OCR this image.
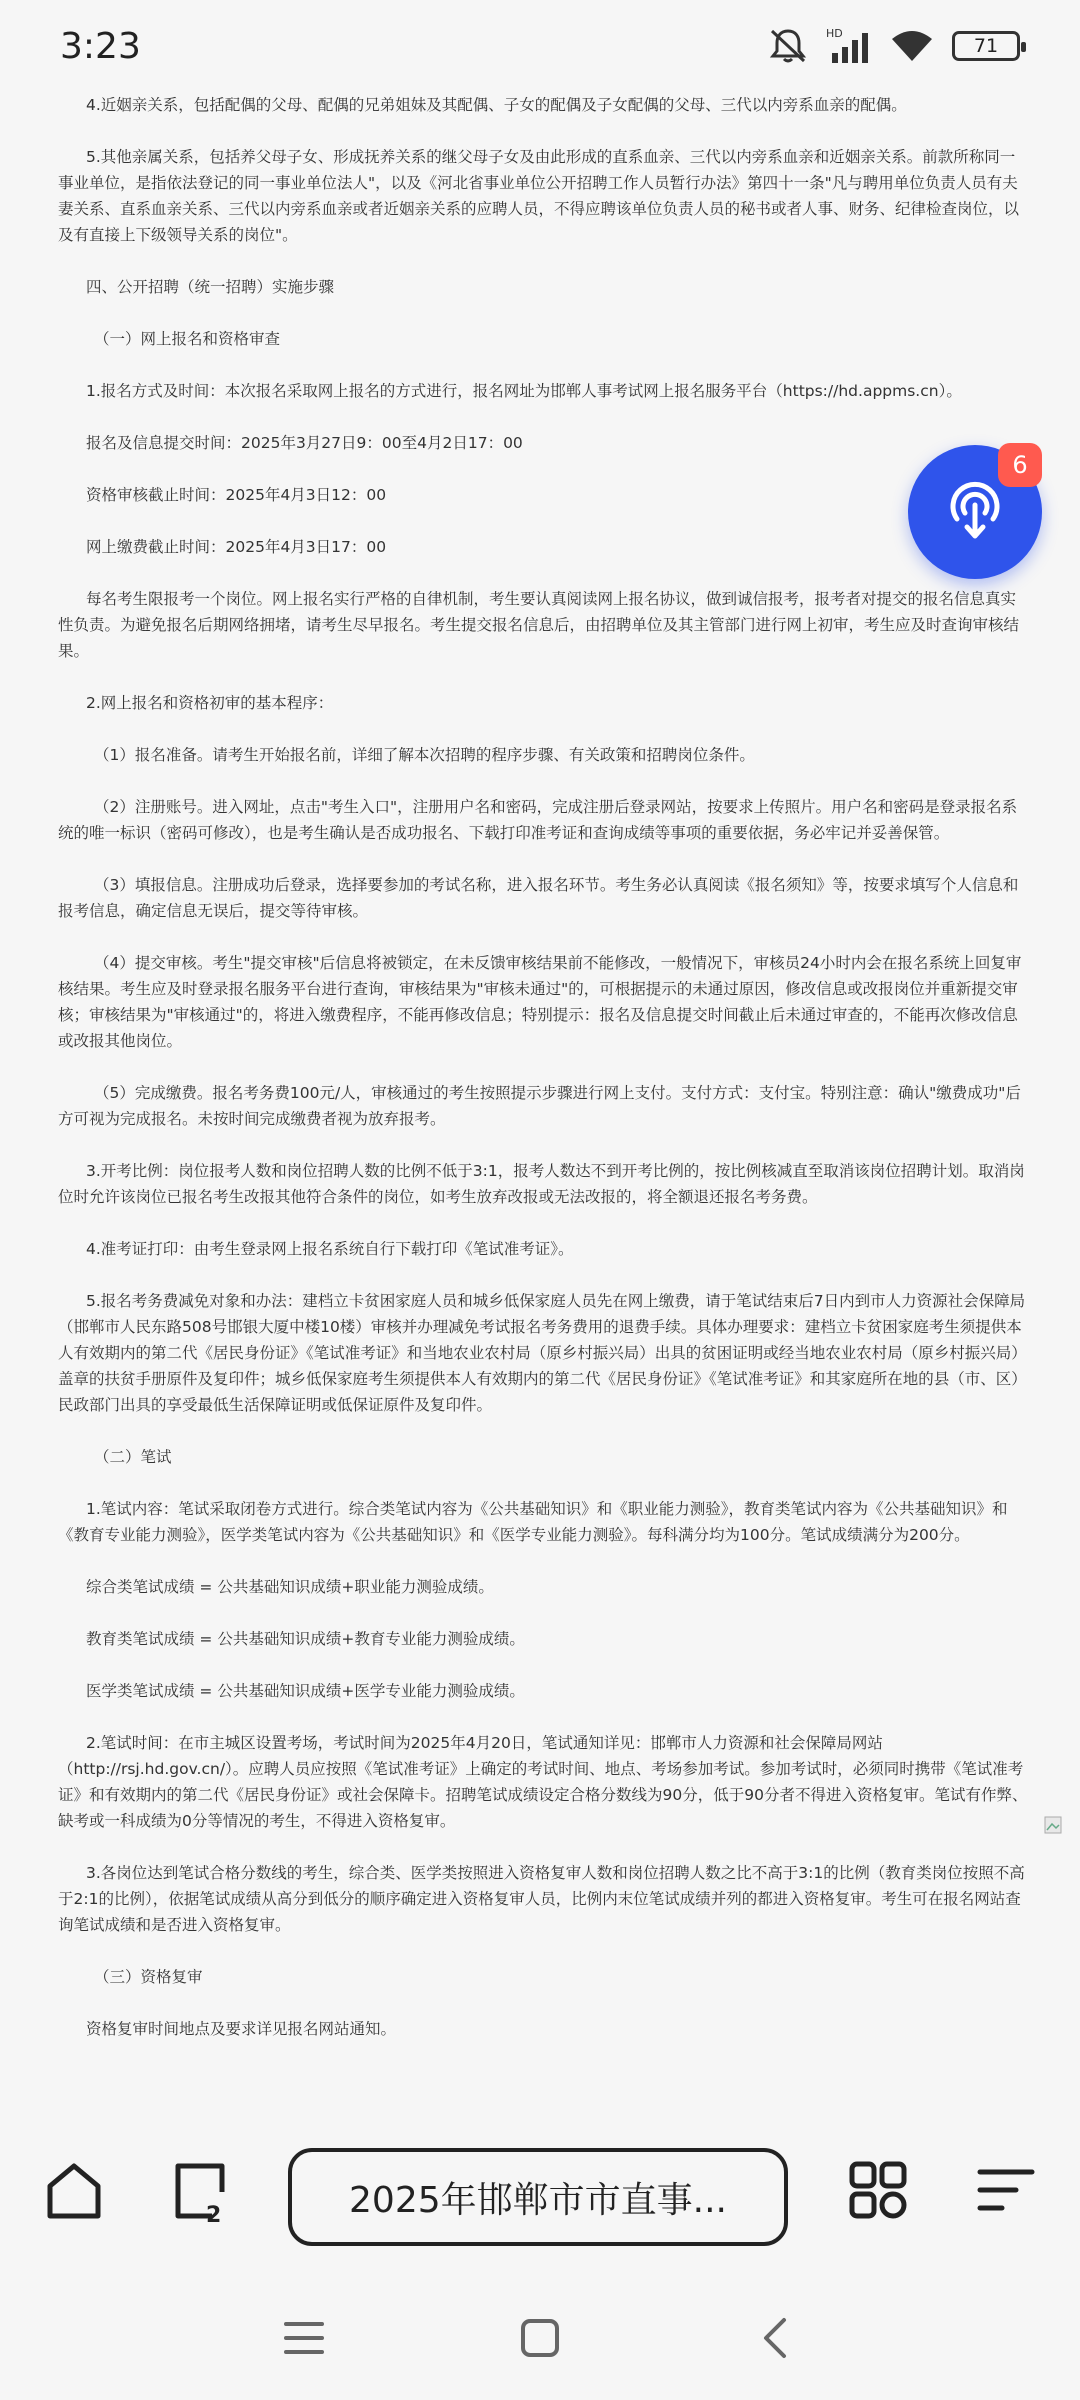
3:23	HD
71

4.近姻亲关系，包括配偶的父母、配偶的兄弟姐妹及其配偶、子女的配偶及子女配偶的父母、三代以内旁系血亲的配偶。

5.其他亲属关系，包括养父母子女、形成抚养关系的继父母子女及由此形成的直系血亲、三代以内旁系血亲和近姻亲关系。前款所称同一事业单位，是指依法登记的同一事业单位法人"，以及《河北省事业单位公开招聘工作人员暂行办法》第四十一条"凡与聘用单位负责人员有夫妻关系、直系血亲关系、三代以内旁系血亲或者近姻亲关系的应聘人员，不得应聘该单位负责人员的秘书或者人事、财务、纪律检查岗位，以及有直接上下级领导关系的岗位"。

四、公开招聘（统一招聘）实施步骤

（一）网上报名和资格审查

1.报名方式及时间：本次报名采取网上报名的方式进行，报名网址为邯郸人事考试网上报名服务平台（https://hd.appms.cn）。

报名及信息提交时间：2025年3月27日9：00至4月2日17：00

资格审核截止时间：2025年4月3日12：00

网上缴费截止时间：2025年4月3日17：00

每名考生限报考一个岗位。网上报名实行严格的自律机制，考生要认真阅读网上报名协议，做到诚信报考，报考者对提交的报名信息真实性负责。为避免报名后期网络拥堵，请考生尽早报名。考生提交报名信息后，由招聘单位及其主管部门进行网上初审，考生应及时查询审核结果。

2.网上报名和资格初审的基本程序：

（1）报名准备。请考生开始报名前，详细了解本次招聘的程序步骤、有关政策和招聘岗位条件。

（2）注册账号。进入网址，点击"考生入口"，注册用户名和密码，完成注册后登录网站，按要求上传照片。用户名和密码是登录报名系统的唯一标识（密码可修改），也是考生确认是否成功报名、下载打印准考证和查询成绩等事项的重要依据，务必牢记并妥善保管。

（3）填报信息。注册成功后登录，选择要参加的考试名称，进入报名环节。考生务必认真阅读《报名须知》等，按要求填写个人信息和报考信息，确定信息无误后，提交等待审核。

（4）提交审核。考生"提交审核"后信息将被锁定，在未反馈审核结果前不能修改，一般情况下，审核员24小时内会在报名系统上回复审核结果。考生应及时登录报名服务平台进行查询，审核结果为"审核未通过"的，可根据提示的未通过原因，修改信息或改报岗位并重新提交审核；审核结果为"审核通过"的，将进入缴费程序，不能再修改信息；特别提示：报名及信息提交时间截止后未通过审查的，不能再次修改信息或改报其他岗位。

（5）完成缴费。报名考务费100元/人，审核通过的考生按照提示步骤进行网上支付。支付方式：支付宝。特别注意：确认"缴费成功"后方可视为完成报名。未按时间完成缴费者视为放弃报考。

3.开考比例：岗位报考人数和岗位招聘人数的比例不低于3:1，报考人数达不到开考比例的，按比例核减直至取消该岗位招聘计划。取消岗位时允许该岗位已报名考生改报其他符合条件的岗位，如考生放弃改报或无法改报的，将全额退还报名考务费。

4.准考证打印：由考生登录网上报名系统自行下载打印《笔试准考证》。

5.报名考务费减免对象和办法：建档立卡贫困家庭人员和城乡低保家庭人员先在网上缴费，请于笔试结束后7日内到市人力资源社会保障局（邯郸市人民东路508号邯银大厦中楼10楼）审核并办理减免考试报名考务费用的退费手续。具体办理要求：建档立卡贫困家庭考生须提供本人有效期内的第二代《居民身份证》《笔试准考证》和当地农业农村局（原乡村振兴局）出具的贫困证明或经当地农业农村局（原乡村振兴局）盖章的扶贫手册原件及复印件；城乡低保家庭考生须提供本人有效期内的第二代《居民身份证》《笔试准考证》和其家庭所在地的县（市、区）民政部门出具的享受最低生活保障证明或低保证原件及复印件。

（二）笔试

1.笔试内容：笔试采取闭卷方式进行。综合类笔试内容为《公共基础知识》和《职业能力测验》，教育类笔试内容为《公共基础知识》和《教育专业能力测验》，医学类笔试内容为《公共基础知识》和《医学专业能力测验》。每科满分均为100分。笔试成绩满分为200分。

综合类笔试成绩 = 公共基础知识成绩+职业能力测验成绩。

教育类笔试成绩 = 公共基础知识成绩+教育专业能力测验成绩。

医学类笔试成绩 = 公共基础知识成绩+医学专业能力测验成绩。

2.笔试时间：在市主城区设置考场，考试时间为2025年4月20日，笔试通知详见：邯郸市人力资源和社会保障局网站（http://rsj.hd.gov.cn/）。应聘人员应按照《笔试准考证》上确定的考试时间、地点、考场参加考试。参加考试时，必须同时携带《笔试准考证》和有效期内的第二代《居民身份证》或社会保障卡。招聘笔试成绩设定合格分数线为90分，低于90分者不得进入资格复审。笔试有作弊、缺考或一科成绩为0分等情况的考生，不得进入资格复审。

3.各岗位达到笔试合格分数线的考生，综合类、医学类按照进入资格复审人数和岗位招聘人数之比不高于3:1的比例（教育类岗位按照不高于2:1的比例），依据笔试成绩从高分到低分的顺序确定进入资格复审人员，比例内末位笔试成绩并列的都进入资格复审。考生可在报名网站查询笔试成绩和是否进入资格复审。

（三）资格复审

资格复审时间地点及要求详见报名网站通知。

6
2025年邯郸市市直事...
2
